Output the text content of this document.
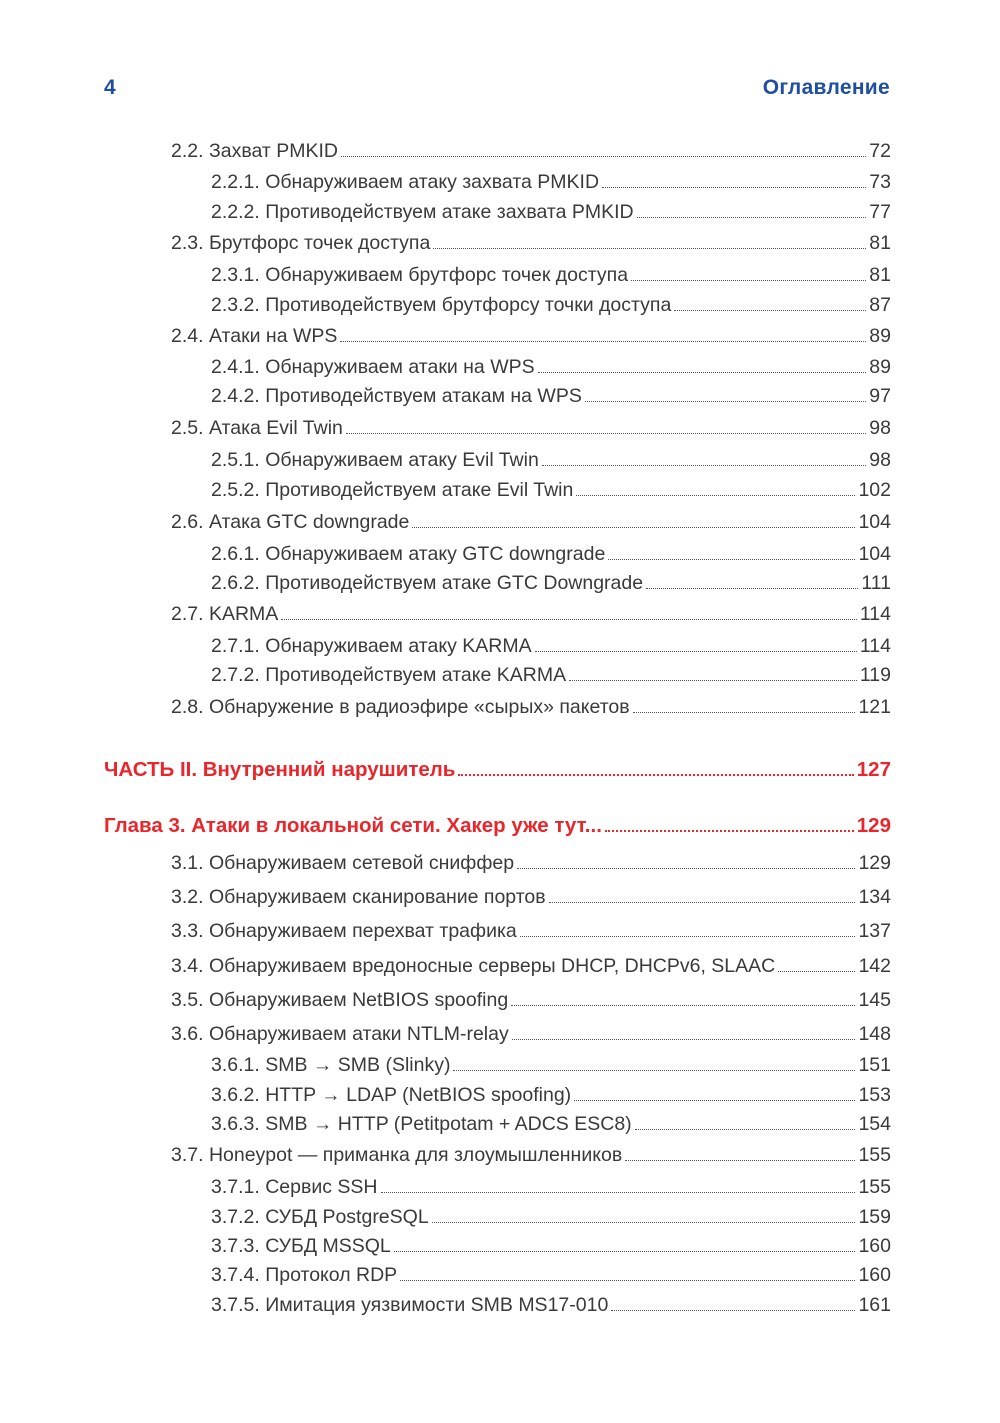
4	Оглавление
2.2. Захват PMKID	72
2.2.1. Обнаруживаем атаку захвата PMKID	73
2.2.2. Противодействуем атаке захвата PMKID	77
2.3. Брутфорс точек доступа	81
2.3.1. Обнаруживаем брутфорс точек доступа	81
2.3.2. Противодействуем брутфорсу точки доступа	87
2.4. Атаки на WPS	89
2.4.1. Обнаруживаем атаки на WPS	89
2.4.2. Противодействуем атакам на WPS	97
2.5. Атака Evil Twin	98
2.5.1. Обнаруживаем атаку Evil Twin	98
2.5.2. Противодействуем атаке Evil Twin	102
2.6. Атака GTC downgrade	104
2.6.1. Обнаруживаем атаку GTC downgrade	104
2.6.2. Противодействуем атаке GTC Downgrade	111
2.7. KARMA	114
2.7.1. Обнаруживаем атаку KARMA	114
2.7.2. Противодействуем атаке KARMA	119
2.8. Обнаружение в радиоэфире «сырых» пакетов	121
ЧАСТЬ II. Внутренний нарушитель	127
Глава 3. Атаки в локальной сети. Хакер уже тут...	129
3.1. Обнаруживаем сетевой сниффер	129
3.2. Обнаруживаем сканирование портов	134
3.3. Обнаруживаем перехват трафика	137
3.4. Обнаруживаем вредоносные серверы DHCP, DHCPv6, SLAAC	142
3.5. Обнаруживаем NetBIOS spoofing	145
3.6. Обнаруживаем атаки NTLM-relay	148
3.6.1. SMB → SMB (Slinky)	151
3.6.2. HTTP → LDAP (NetBIOS spoofing)	153
3.6.3. SMB → HTTP (Petitpotam + ADCS ESC8)	154
3.7. Honeypot — приманка для злоумышленников	155
3.7.1. Сервис SSH	155
3.7.2. СУБД PostgreSQL	159
3.7.3. СУБД MSSQL	160
3.7.4. Протокол RDP	160
3.7.5. Имитация уязвимости SMB MS17-010	161
